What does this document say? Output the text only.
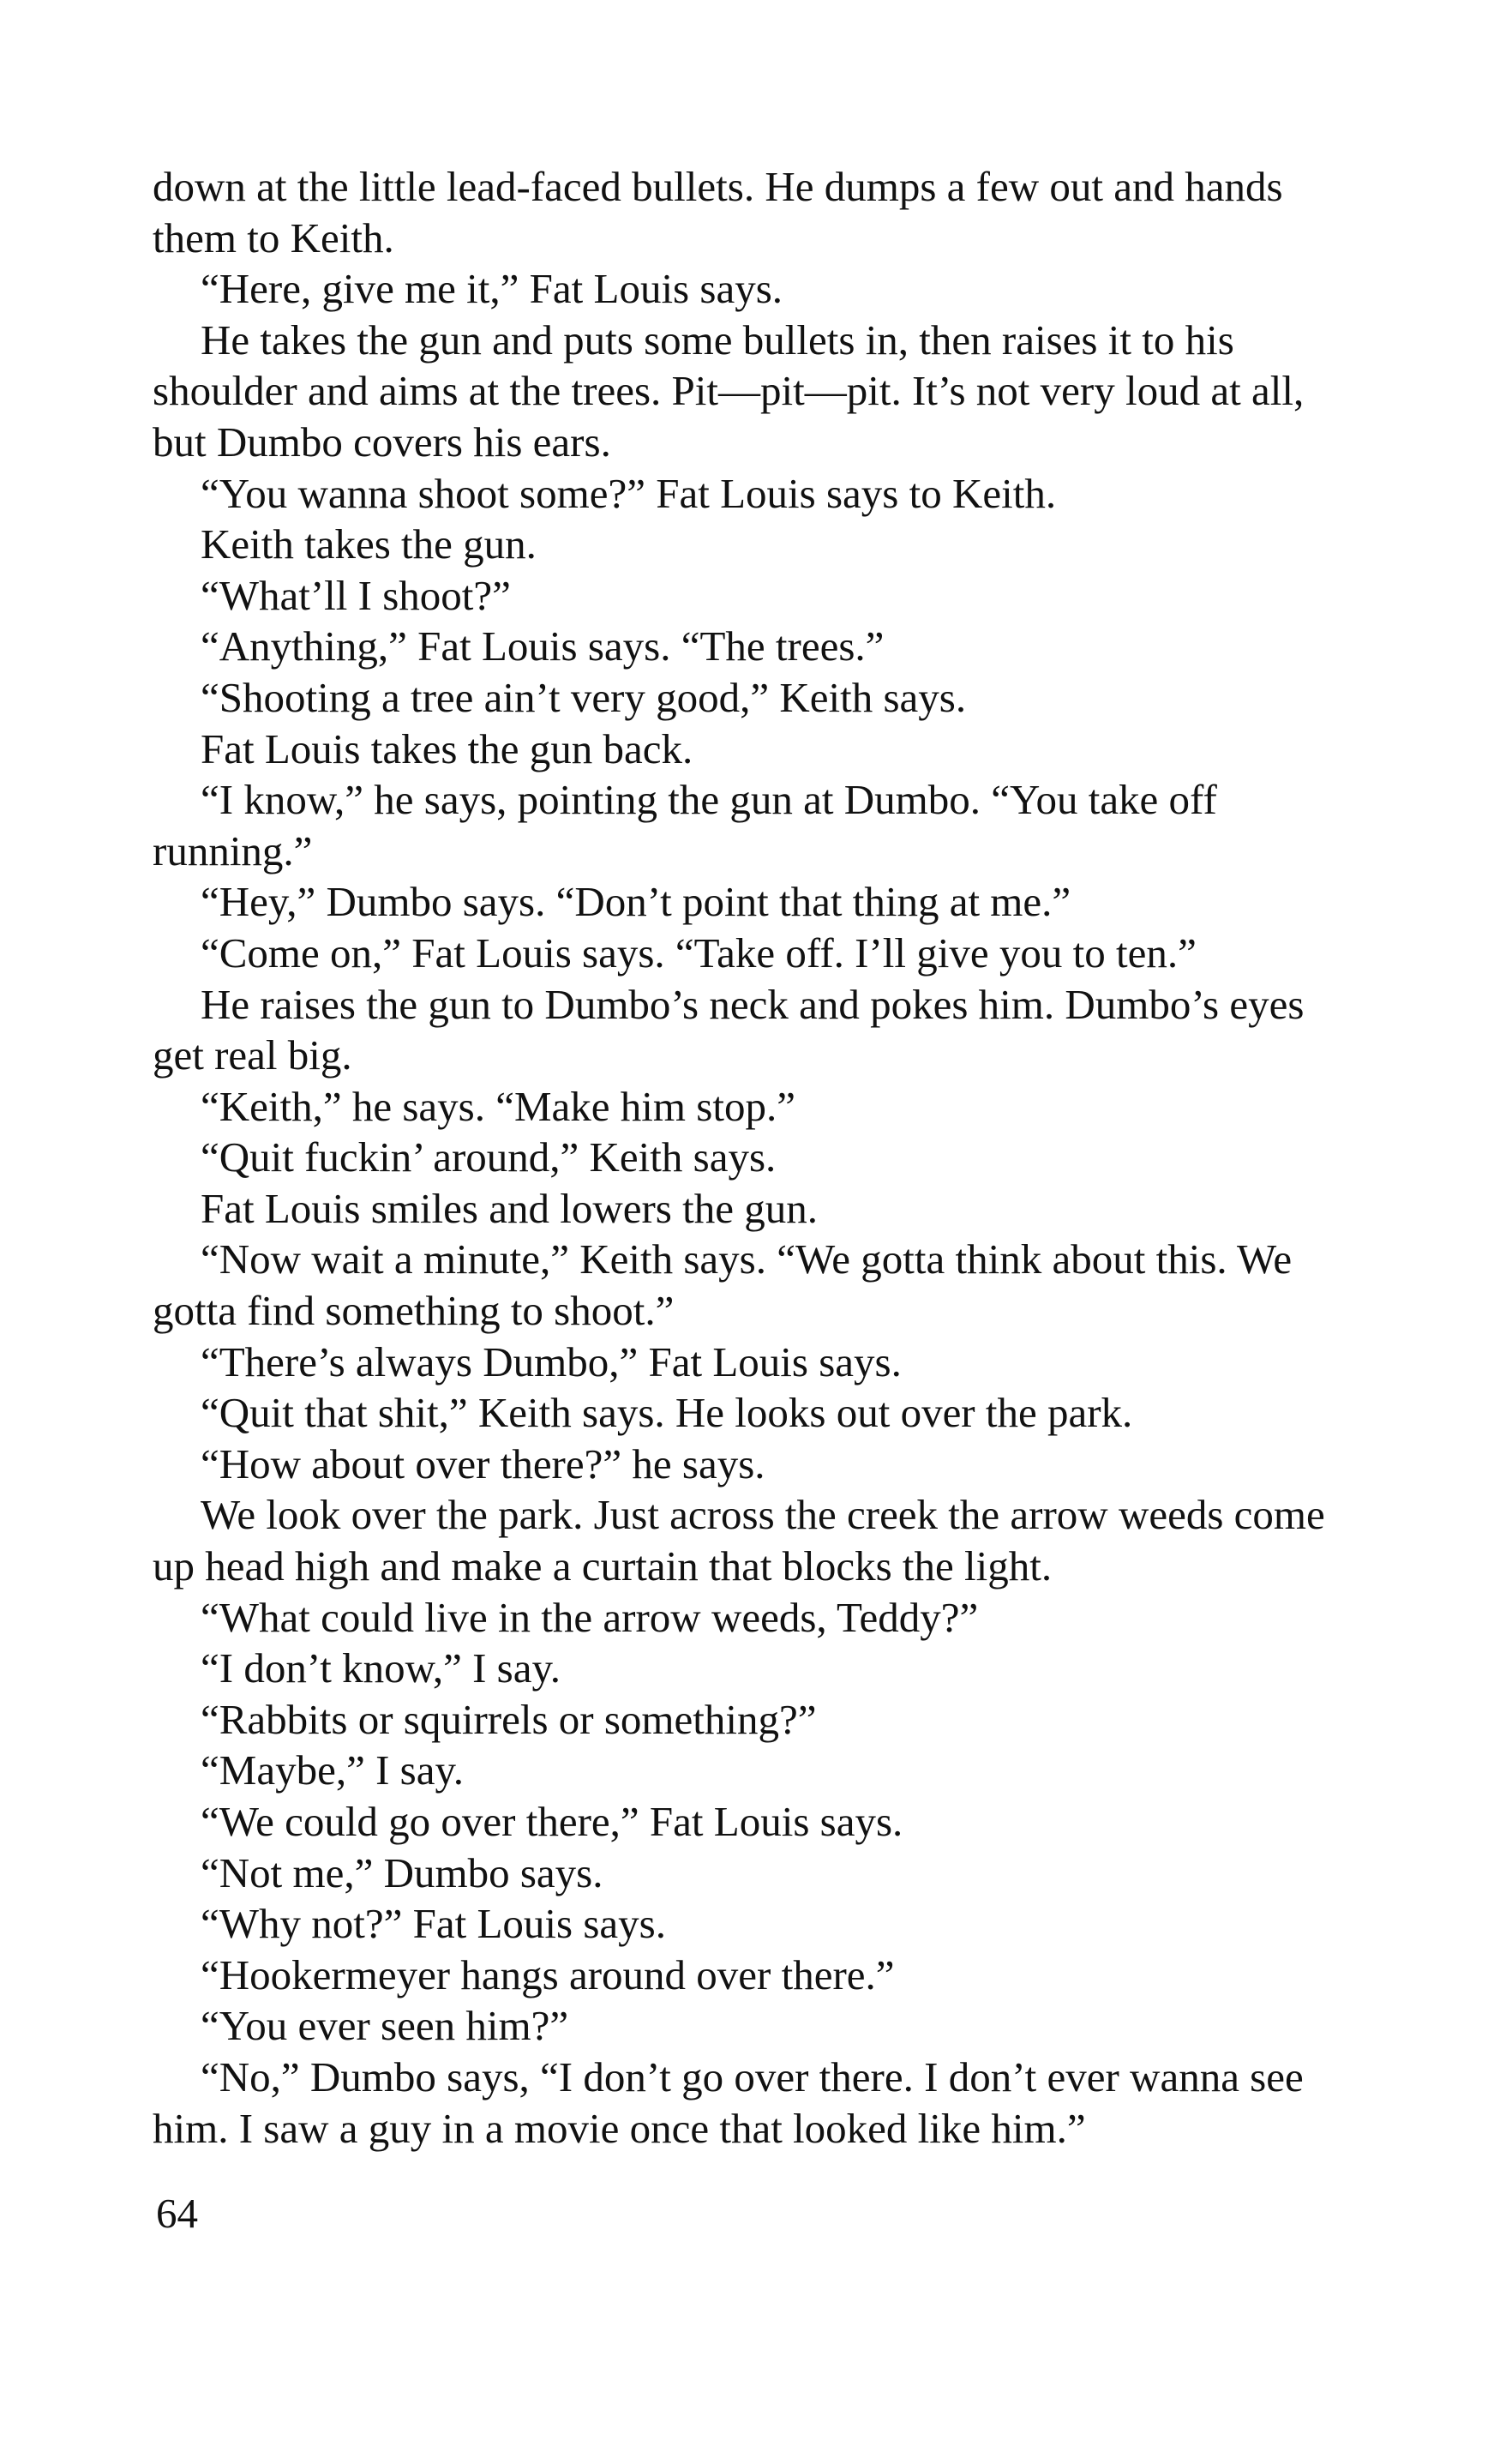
down at the little lead-faced bullets. He dumps a few out and hands them to Keith.

“Here, give me it,” Fat Louis says.

He takes the gun and puts some bullets in, then raises it to his shoulder and aims at the trees. Pit—pit—pit. It’s not very loud at all, but Dumbo covers his ears.

“You wanna shoot some?” Fat Louis says to Keith.

Keith takes the gun.

“What’ll I shoot?”

“Anything,” Fat Louis says. “The trees.”

“Shooting a tree ain’t very good,” Keith says.

Fat Louis takes the gun back.

“I know,” he says, pointing the gun at Dumbo. “You take off running.”

“Hey,” Dumbo says. “Don’t point that thing at me.”

“Come on,” Fat Louis says. “Take off. I’ll give you to ten.”

He raises the gun to Dumbo’s neck and pokes him. Dumbo’s eyes get real big.

“Keith,” he says. “Make him stop.”

“Quit fuckin’ around,” Keith says.

Fat Louis smiles and lowers the gun.

“Now wait a minute,” Keith says. “We gotta think about this. We gotta find something to shoot.”

“There’s always Dumbo,” Fat Louis says.

“Quit that shit,” Keith says. He looks out over the park.

“How about over there?” he says.

We look over the park. Just across the creek the arrow weeds come up head high and make a curtain that blocks the light.

“What could live in the arrow weeds, Teddy?”

“I don’t know,” I say.

“Rabbits or squirrels or something?”

“Maybe,” I say.

“We could go over there,” Fat Louis says.

“Not me,” Dumbo says.

“Why not?” Fat Louis says.

“Hookermeyer hangs around over there.”

“You ever seen him?”

“No,” Dumbo says, “I don’t go over there. I don’t ever wanna see him. I saw a guy in a movie once that looked like him.”

64
